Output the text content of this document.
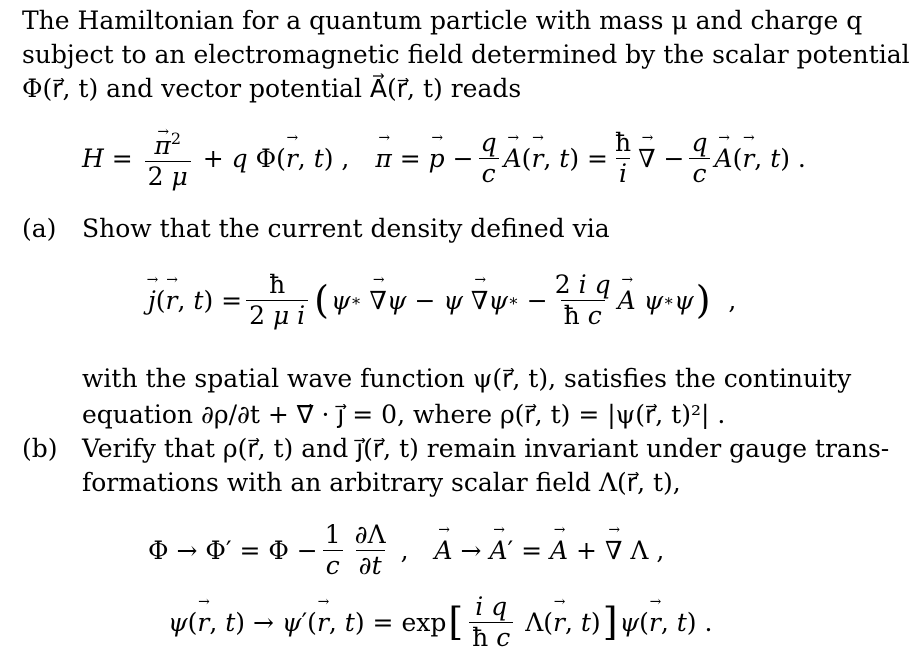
The Hamiltonian for a quantum particle with mass μ and charge q
subject to an electromagnetic field determined by the scalar potential
Φ(r⃗, t) and vector potential A⃗(r⃗, t) reads
H =
→ $\frac{\pi^2}{2 \mu} + q$ Φ(
→ r , t ) ,
→ π =
→ $p - \frac{q}{c}$
→ A (
→ r , t ) = $\frac{ħ}{i}$
→ ∇ − $\frac{q}{c}$
→ A (
→ r , t ) .
(a) Show that the current density defined via
→ j (
→ r , t ) = $\frac{ħ}{\text{2 μ i}}$ ( ψ ∗

→ ∇ ψ − ψ

→ ∇ ψ ∗ − $\frac{\text{2 i q}}{\text{ħ c}}$
→ A
ψ ∗ ψ ) ,
with the spatial wave function ψ(r⃗, t), satisfies the continuity
equation ∂ρ/∂t + ∇⃗ · j⃗ = 0, where ρ(r⃗, t) = |ψ(r⃗, t)²| .
(b) Verify that ρ(r⃗, t) and j⃗(r⃗, t) remain invariant under gauge trans-
formations with an arbitrary scalar field Λ(r⃗, t),
$\Phi \to \Phi' = \Phi - \frac{1}{c} \frac{\partial\Lambda}{\partial t}$ ,
→ A →
→ A ′ =
→ A +
→ ∇ Λ ,
ψ (
→ r , t ) → ψ ′(
→ r , t ) = exp [ $\frac{\text{i q}}{\text{ħ c}} \Lambda$(
→ r , t ) ] ψ (
→ r , t ) .
